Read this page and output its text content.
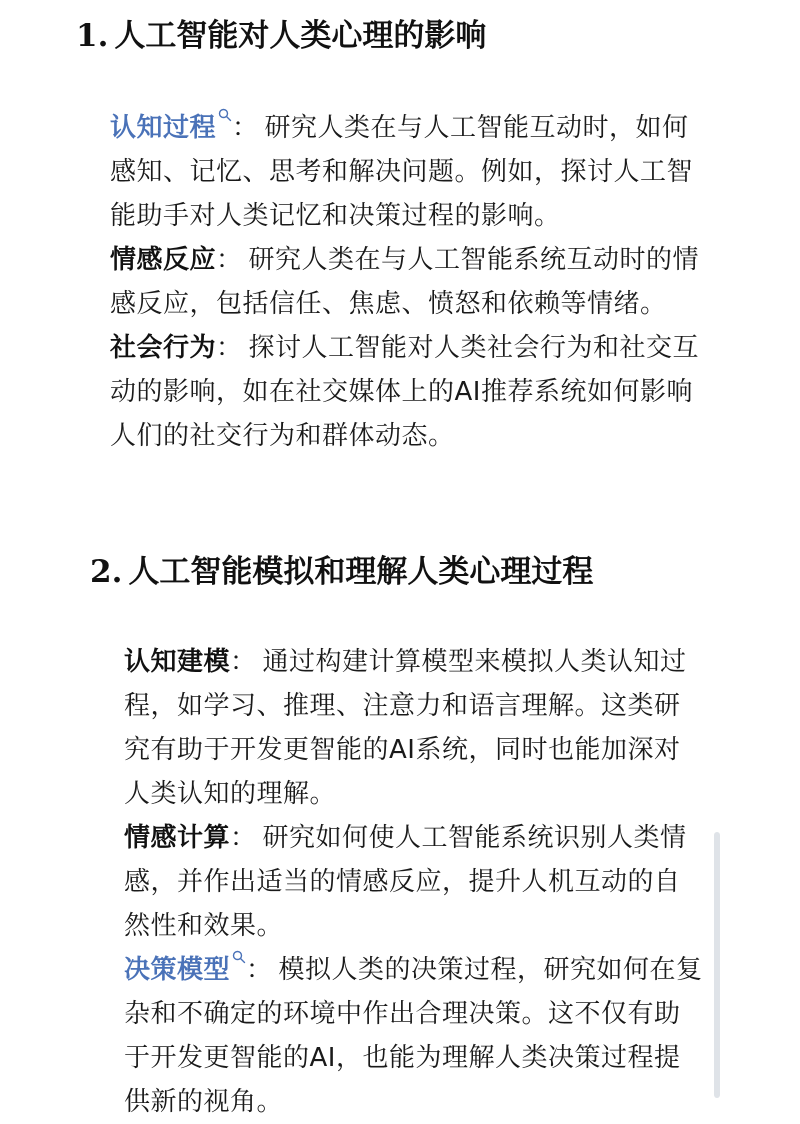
1. 人工智能对人类心理的影响
认知过程 ： 研究人类在与人工智能互动时，如何感知、记忆、思考和解决问题。例如，探讨人工智能助手对人类记忆和决策过程的影响。
情感反应： 研究人类在与人工智能系统互动时的情感反应，包括信任、焦虑、愤怒和依赖等情绪。
社会行为： 探讨人工智能对人类社会行为和社交互动的影响，如在社交媒体上的AI推荐系统如何影响人们的社交行为和群体动态。
2. 人工智能模拟和理解人类心理过程
认知建模： 通过构建计算模型来模拟人类认知过程，如学习、推理、注意力和语言理解。这类研究有助于开发更智能的AI系统，同时也能加深对人类认知的理解。
情感计算： 研究如何使人工智能系统识别人类情感，并作出适当的情感反应，提升人机互动的自然性和效果。
决策模型 ： 模拟人类的决策过程，研究如何在复杂和不确定的环境中作出合理决策。这不仅有助于开发更智能的AI，也能为理解人类决策过程提供新的视角。
